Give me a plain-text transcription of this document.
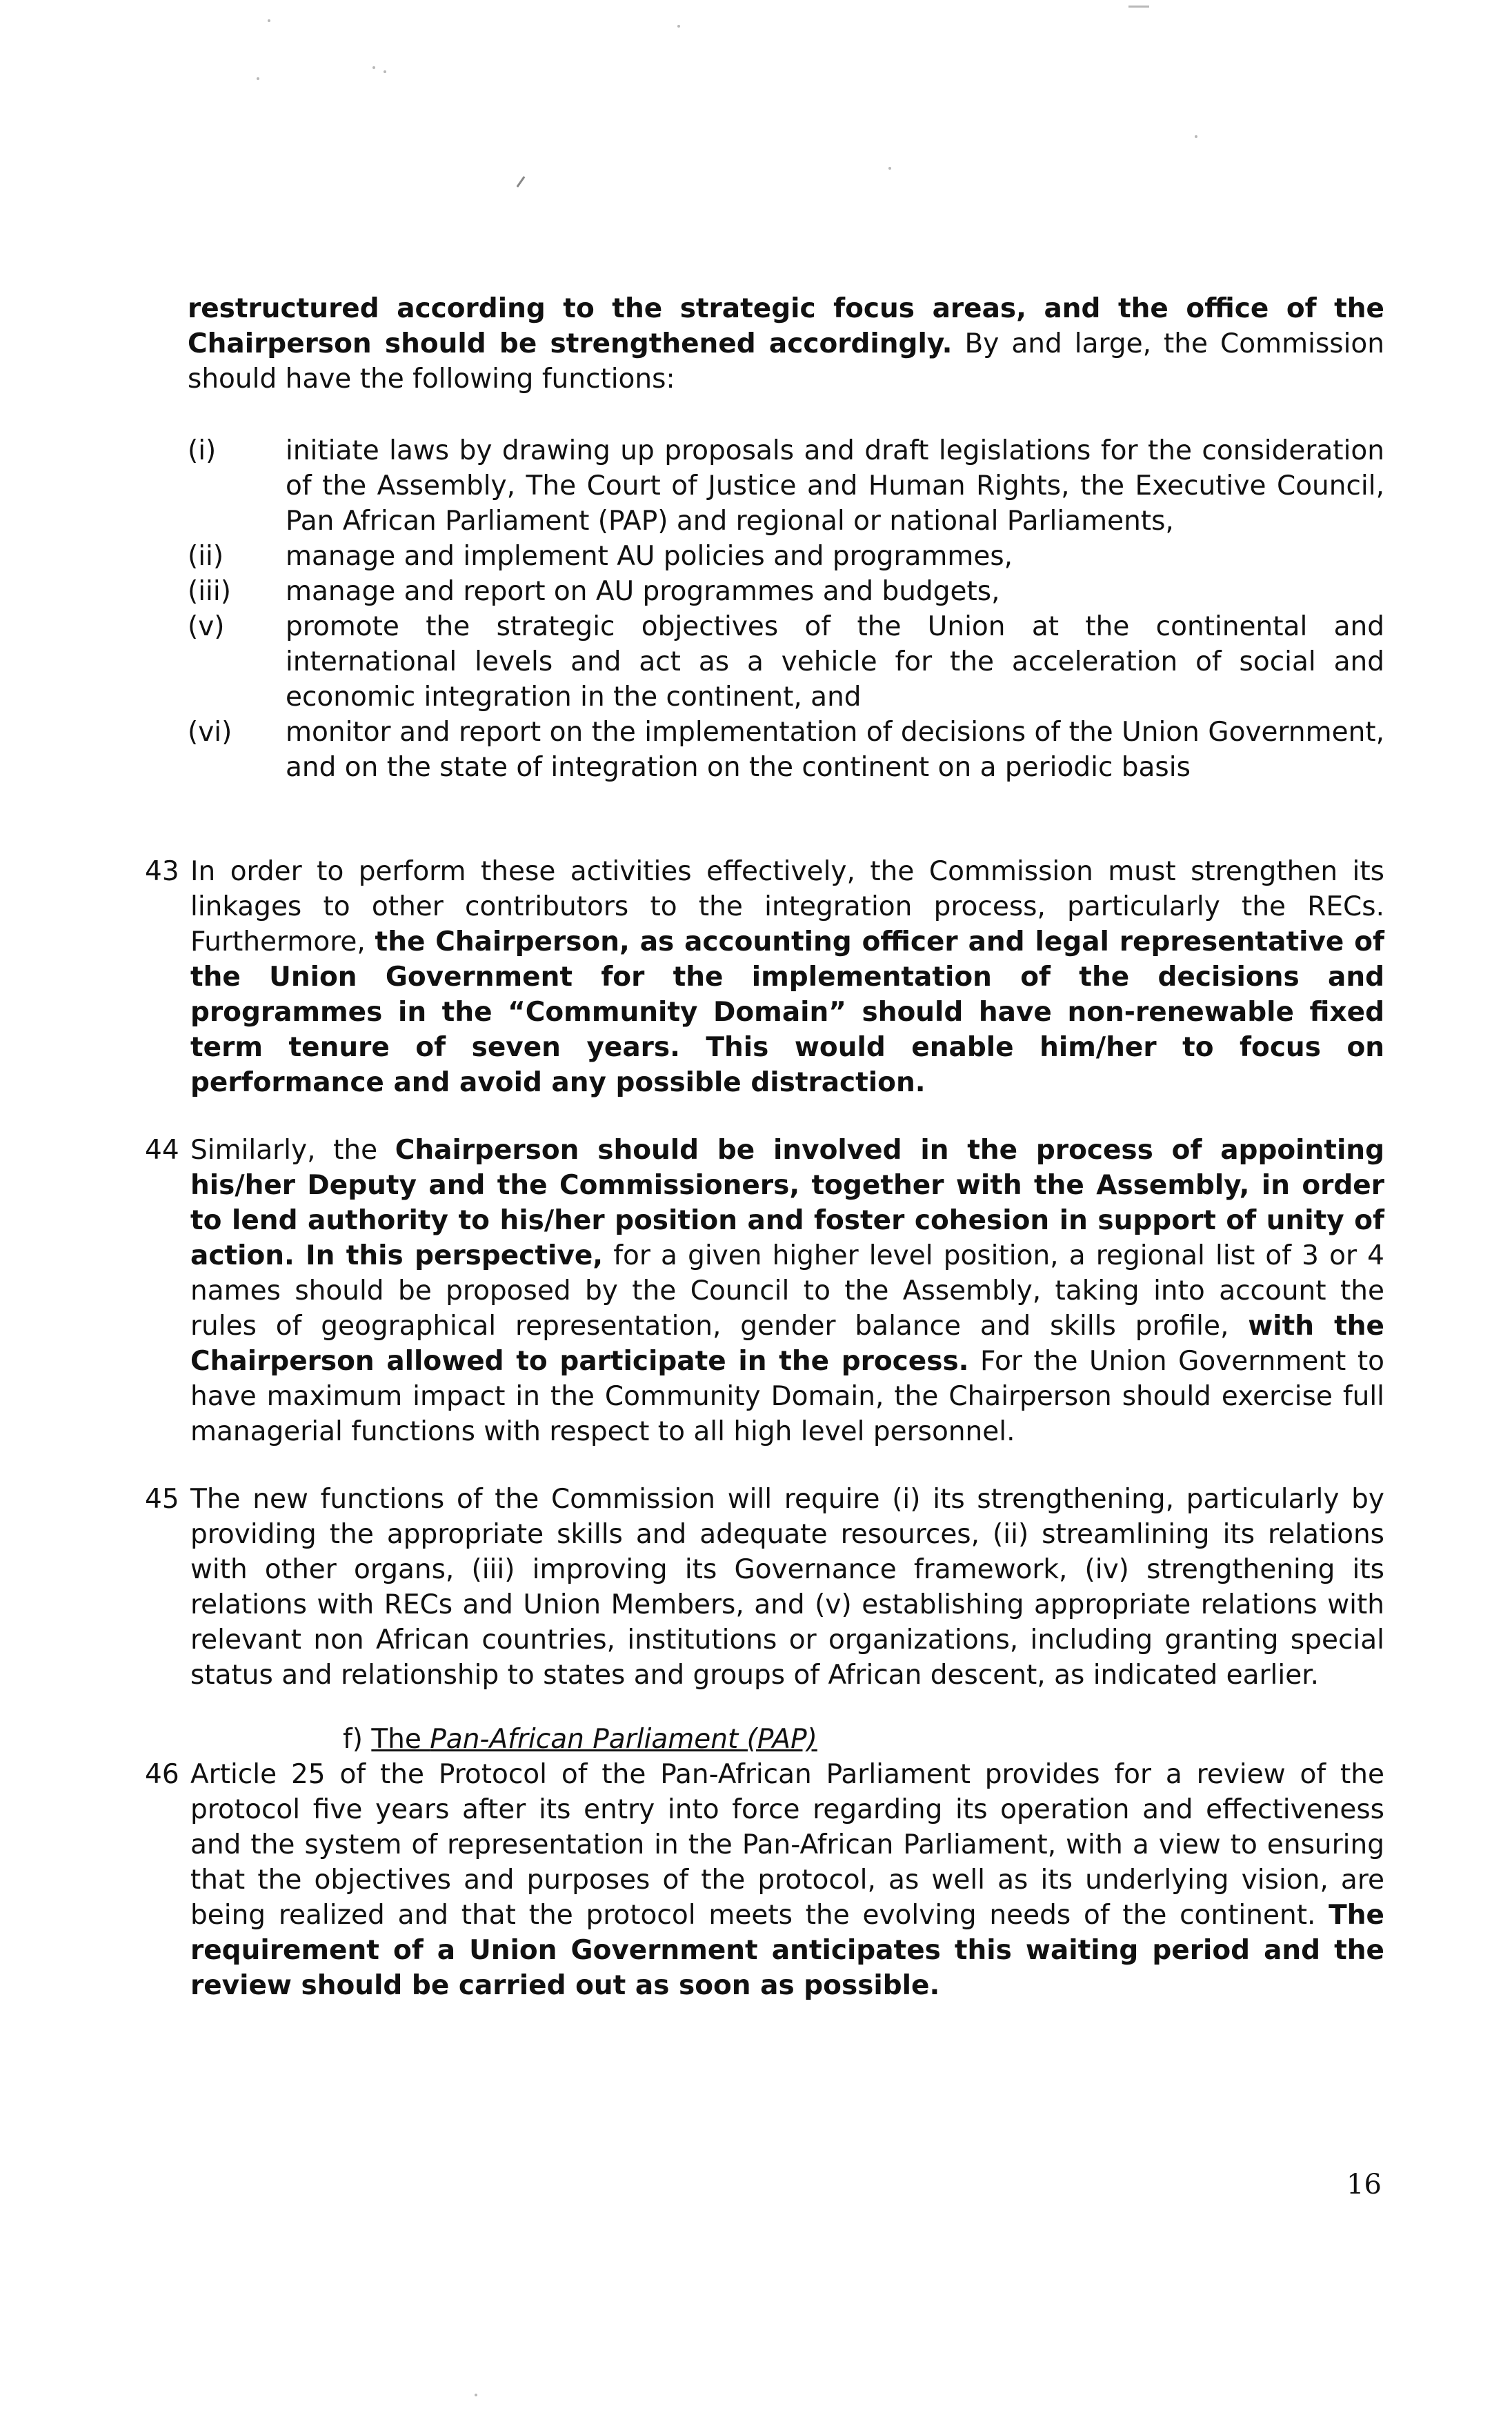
restructured according to the strategic focus areas, and the office of the Chairperson should be strengthened accordingly. By and large, the Commission should have the following functions:
(i)	initiate laws by drawing up proposals and draft legislations for the consideration of the Assembly, The Court of Justice and Human Rights, the Executive Council, Pan African Parliament (PAP) and regional or national Parliaments,
(ii)	manage and implement AU policies and programmes,
(iii)	manage and report on AU programmes and budgets,
(v)	promote the strategic objectives of the Union at the continental and international levels and act as a vehicle for the acceleration of social and economic integration in the continent, and
(vi)	monitor and report on the implementation of decisions of the Union Government, and on the state of integration on the continent on a periodic basis
43 In order to perform these activities effectively, the Commission must strengthen its linkages to other contributors to the integration process, particularly the RECs. Furthermore, the Chairperson, as accounting officer and legal representative of the Union Government for the implementation of the decisions and programmes in the “Community Domain” should have non-renewable fixed term tenure of seven years. This would enable him/her to focus on performance and avoid any possible distraction.
44 Similarly, the Chairperson should be involved in the process of appointing his/her Deputy and the Commissioners, together with the Assembly, in order to lend authority to his/her position and foster cohesion in support of unity of action. In this perspective, for a given higher level position, a regional list of 3 or 4 names should be proposed by the Council to the Assembly, taking into account the rules of geographical representation, gender balance and skills profile, with the Chairperson allowed to participate in the process. For the Union Government to have maximum impact in the Community Domain, the Chairperson should exercise full managerial functions with respect to all high level personnel.
45 The new functions of the Commission will require (i) its strengthening, particularly by providing the appropriate skills and adequate resources, (ii) streamlining its relations with other organs, (iii) improving its Governance framework, (iv) strengthening its relations with RECs and Union Members, and (v) establishing appropriate relations with relevant non African countries, institutions or organizations, including granting special status and relationship to states and groups of African descent, as indicated earlier.
f) The Pan-African Parliament (PAP)
46 Article 25 of the Protocol of the Pan-African Parliament provides for a review of the protocol five years after its entry into force regarding its operation and effectiveness and the system of representation in the Pan-African Parliament, with a view to ensuring that the objectives and purposes of the protocol, as well as its underlying vision, are being realized and that the protocol meets the evolving needs of the continent. The requirement of a Union Government anticipates this waiting period and the review should be carried out as soon as possible.
16
